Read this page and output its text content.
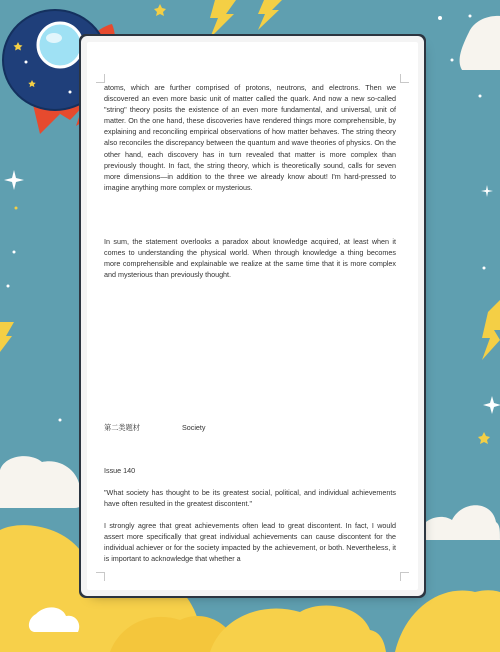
atoms, which are further comprised of protons, neutrons, and electrons. Then we discovered an even more basic unit of matter called the quark. And now a new so-called "string" theory posits the existence of an even more fundamental, and universal, unit of matter. On the one hand, these discoveries have rendered things more comprehensible, by explaining and reconciling empirical observations of how matter behaves. The string theory also reconciles the discrepancy between the quantum and wave theories of physics. On the other hand, each discovery has in turn revealed that matter is more complex than previously thought. In fact, the string theory, which is theoretically sound, calls for seven more dimensions—in addition to the three we already know about! I'm hard-pressed to imagine anything more complex or mysterious.

In sum, the statement overlooks a paradox about knowledge acquired, at least when it comes to understanding the physical world. When through knowledge a thing becomes more comprehensible and explainable we realize at the same time that it is more complex and mysterious than previously thought.

第二类题材	Society

Issue 140

"What society has thought to be its greatest social, political, and individual achievements have often resulted in the greatest discontent."

I strongly agree that great achievements often lead to great discontent. In fact, I would assert more specifically that great individual achievements can cause discontent for the individual achiever or for the society impacted by the achievement, or both. Nevertheless, it is important to acknowledge that whether a
